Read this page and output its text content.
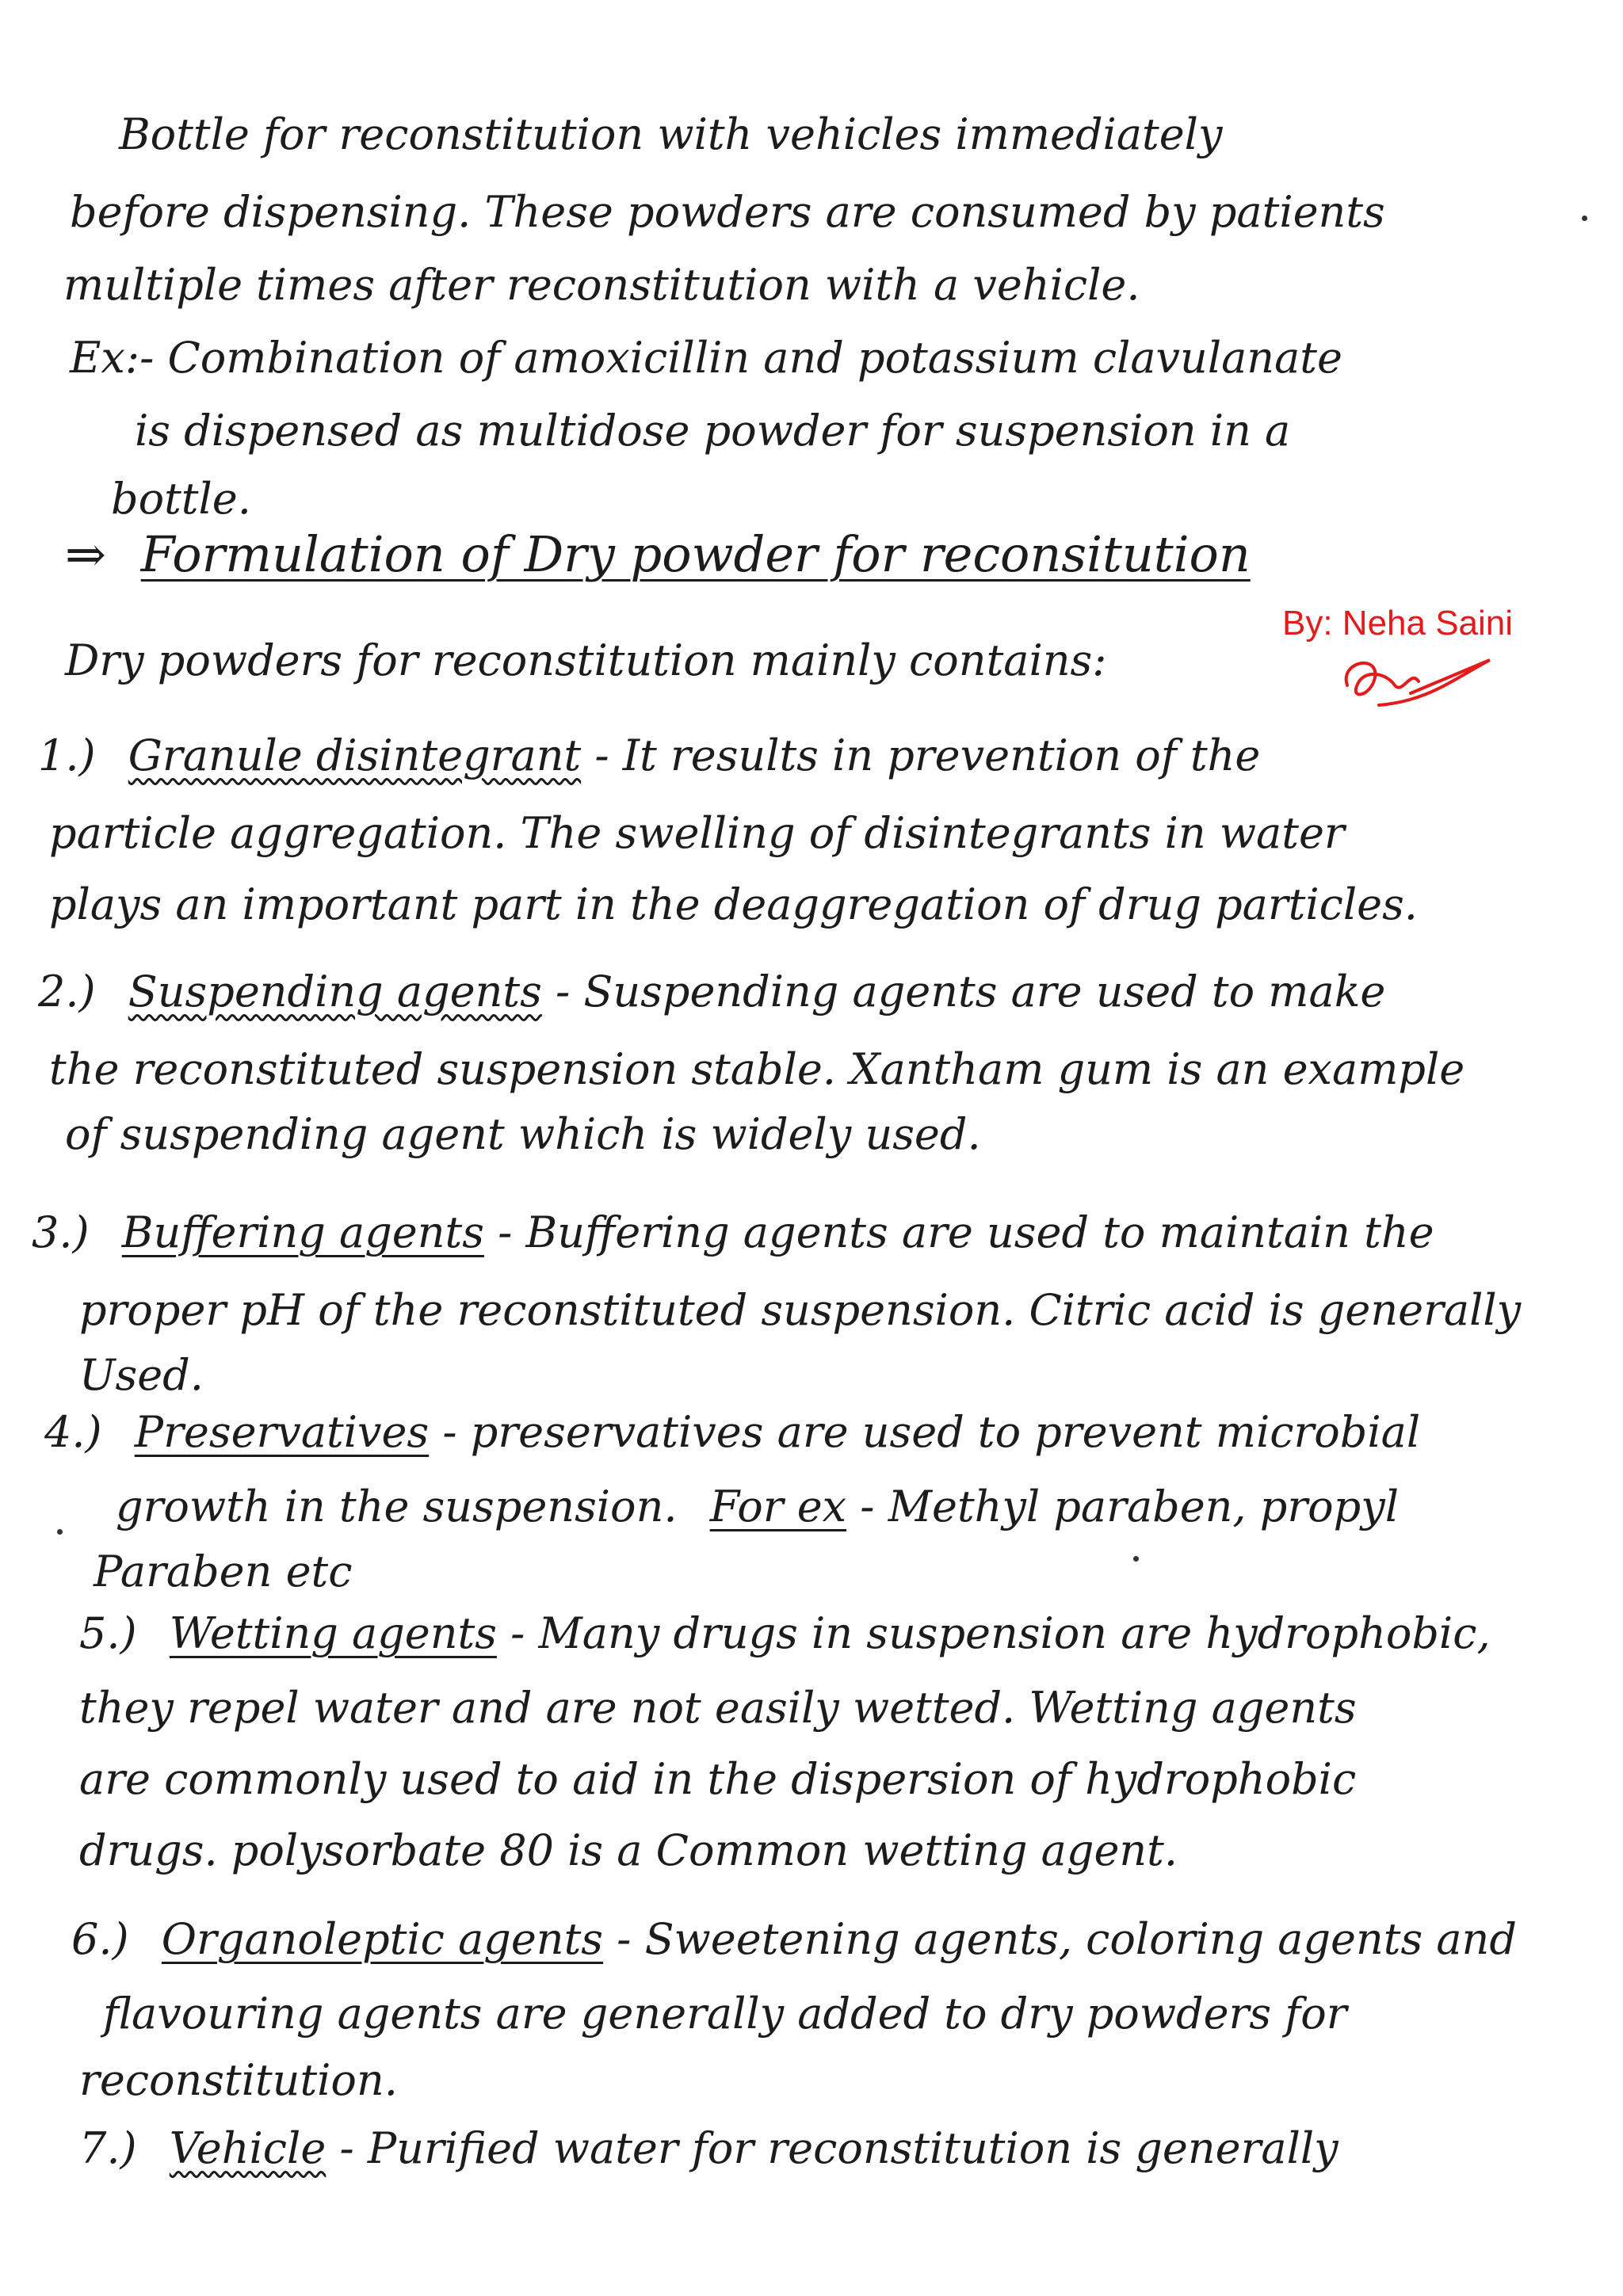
Bottle for reconstitution with vehicles immediately
before dispensing. These powders are consumed by patients
multiple times after reconstitution with a vehicle.
Ex:- Combination of amoxicillin and potassium clavulanate
is dispensed as multidose powder for suspension in a
bottle.
⇒ Formulation of Dry powder for reconsitution
By: Neha Saini
Dry powders for reconstitution mainly contains:
1.) Granule disintegrant - It results in prevention of the
particle aggregation. The swelling of disintegrants in water
plays an important part in the deaggregation of drug particles.
2.) Suspending agents - Suspending agents are used to make
the reconstituted suspension stable. Xantham gum is an example
of suspending agent which is widely used.
3.) Buffering agents - Buffering agents are used to maintain the
proper pH of the reconstituted suspension. Citric acid is generally
Used.
4.) Preservatives - preservatives are used to prevent microbial
growth in the suspension. For ex - Methyl paraben, propyl
Paraben etc
5.) Wetting agents - Many drugs in suspension are hydrophobic,
they repel water and are not easily wetted. Wetting agents
are commonly used to aid in the dispersion of hydrophobic
drugs. polysorbate 80 is a Common wetting agent.
6.) Organoleptic agents - Sweetening agents, coloring agents and
flavouring agents are generally added to dry powders for
reconstitution.
7.) Vehicle - Purified water for reconstitution is generally
